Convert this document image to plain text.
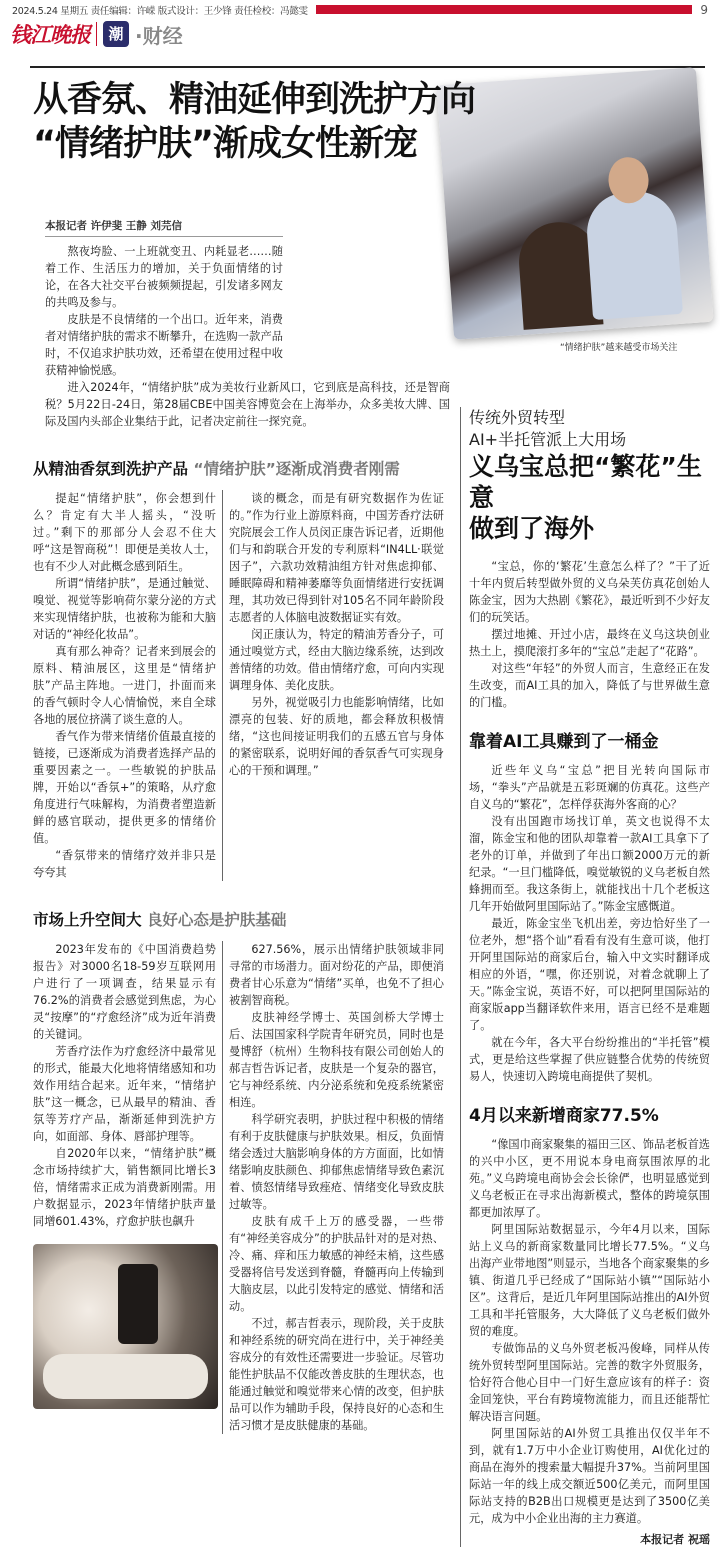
2024.5.24 星期五 责任编辑：许嵘 版式设计：王少锋 责任检校：冯懿雯	9
钱江晚报	潮 ·财经
“情绪护肤”越来越受市场关注
从香氛、精油延伸到洗护方向
“情绪护肤”渐成女性新宠
本报记者 许伊斐 王静 刘芫信

熬夜垮脸、一上班就变丑、内耗显老……随着工作、生活压力的增加，关于负面情绪的讨论，在各大社交平台被频频提起，引发诸多网友的共鸣及参与。

皮肤是不良情绪的一个出口。近年来，消费者对情绪护肤的需求不断攀升，在选购一款产品时，不仅追求护肤功效，还希望在使用过程中收获精神愉悦感。

进入2024年，“情绪护肤”成为美妆行业新风口，它到底是高科技，还是智商税？5月22日-24日，第28届CBE中国美容博览会在上海举办，众多美妆大牌、国际及国内头部企业集结于此，记者决定前往一探究竟。

从精油香氛到洗护产品 “情绪护肤”逐渐成消费者刚需

提起“情绪护肤”，你会想到什么？肯定有大半人摇头，“没听过。”剩下的那部分人会忍不住大呼“这是智商税”！即便是美妆人士，也有不少人对此概念感到陌生。

所谓“情绪护肤”，是通过触觉、嗅觉、视觉等影响荷尔蒙分泌的方式来实现情绪护肤，也被称为能和大脑对话的“神经化妆品”。

真有那么神奇？记者来到展会的原料、精油展区，这里是“情绪护肤”产品主阵地。一进门，扑面而来的香气顿时令人心情愉悦，来自全球各地的展位挤满了谈生意的人。

香气作为带来情绪价值最直接的链接，已逐渐成为消费者选择产品的重要因素之一。一些敏锐的护肤品牌，开始以“香氛+”的策略，从疗愈角度进行气味解构，为消费者塑造新鲜的感官联动，提供更多的情绪价值。

“香氛带来的情绪疗效并非只是夸夸其

谈的概念，而是有研究数据作为佐证的。”作为行业上游原料商，中国芳香疗法研究院展会工作人员闵正康告诉记者，近期他们与和韵联合开发的专利原料“IN4LL·联觉因子”，六款功效精油组方针对焦虑抑郁、睡眠障碍和精神萎靡等负面情绪进行安抚调理，其功效已得到针对105名不同年龄阶段志愿者的人体脑电波数据证实有效。

闵正康认为，特定的精油芳香分子，可通过嗅觉方式，经由大脑边缘系统，达到改善情绪的功效。借由情绪疗愈，可向内实现调理身体、美化皮肤。

另外，视觉吸引力也能影响情绪，比如漂亮的包装、好的质地，都会释放积极情绪，“这也间接证明我们的五感五官与身体的紧密联系，说明好闻的香氛香气可实现身心的干预和调理。”

市场上升空间大 良好心态是护肤基础

2023年发布的《中国消费趋势报告》对3000名18-59岁互联网用户进行了一项调查，结果显示有76.2%的消费者会感觉到焦虑，为心灵“按摩”的“疗愈经济”成为近年消费的关键词。

芳香疗法作为疗愈经济中最常见的形式，能最大化地将情绪感知和功效作用结合起来。近年来，“情绪护肤”这一概念，已从最早的精油、香氛等芳疗产品，渐渐延伸到洗护方向，如面部、身体、唇部护理等。

自2020年以来，“情绪护肤”概念市场持续扩大，销售额同比增长3倍，情绪需求正成为消费新刚需。用户数据显示，2023年情绪护肤声量同增601.43%，疗愈护肤也飙升

627.56%，展示出情绪护肤领域非同寻常的市场潜力。面对纷花的产品，即便消费者甘心乐意为“情绪”买单，也免不了担心被割智商税。

皮肤神经学博士、英国剑桥大学博士后、法国国家科学院青年研究员，同时也是曼博舒（杭州）生物科技有限公司创始人的郝吉哲告诉记者，皮肤是一个复杂的器官，它与神经系统、内分泌系统和免疫系统紧密相连。

科学研究表明，护肤过程中积极的情绪有利于皮肤健康与护肤效果。相反，负面情绪会透过大脑影响身体的方方面面，比如情绪影响皮肤颜色、抑郁焦虑情绪导致色素沉着、愤怒情绪导致痤疮、情绪变化导致皮肤过敏等。

皮肤有成千上万的感受器，一些带有“神经美容成分”的护肤品针对的是对热、冷、痛、痒和压力敏感的神经末梢，这些感受器将信号发送到脊髓，脊髓再向上传输到大脑皮层，以此引发特定的感觉、情绪和活动。

不过，郝吉哲表示，现阶段，关于皮肤和神经系统的研究尚在进行中，关于神经美容成分的有效性还需要进一步验证。尽管功能性护肤品不仅能改善皮肤的生理状态，也能通过触觉和嗅觉带来心情的改变，但护肤品可以作为辅助手段，保持良好的心态和生活习惯才是皮肤健康的基础。

传统外贸转型
AI+半托管派上大用场
义乌宝总把“繁花”生意
做到了海外

“宝总，你的‘繁花’生意怎么样了？”干了近十年内贸后转型做外贸的义乌朵芙仿真花创始人陈金宝，因为大热剧《繁花》，最近听到不少好友们的玩笑话。

摆过地摊、开过小店，最终在义乌这块创业热土上，摸爬滚打多年的“宝总”走起了“花路”。

对这些“年轻”的外贸人而言，生意经正在发生改变，而AI工具的加入，降低了与世界做生意的门槛。

靠着AI工具赚到了一桶金

近些年义乌“宝总”把目光转向国际市场，“拳头”产品就是五彩斑斓的仿真花。这些产自义乌的“繁花”，怎样俘获海外客商的心？

没有出国跑市场找订单，英文也说得不太溜，陈金宝和他的团队却靠着一款AI工具拿下了老外的订单，并做到了年出口额2000万元的新纪录。“一旦门槛降低，嗅觉敏锐的义乌老板自然蜂拥而至。我这条街上，就能找出十几个老板这几年开始做阿里国际站了。”陈金宝感慨道。

最近，陈金宝坐飞机出差，旁边恰好坐了一位老外，想“搭个讪”看看有没有生意可谈，他打开阿里国际站的商家后台，输入中文实时翻译成相应的外语，“嘿，你还别说，对着念就聊上了天。”陈金宝说，英语不好，可以把阿里国际站的商家版app当翻译软件来用，语言已经不是难题了。

就在今年，各大平台纷纷推出的“半托管”模式，更是给这些掌握了供应链整合优势的传统贸易人，快速切入跨境电商提供了契机。

4月以来新增商家77.5%

“像国巾商家聚集的福田三区、饰品老板首选的兴中小区，更不用说本身电商氛围浓厚的北苑。”义乌跨境电商协会会长徐俨，也明显感觉到义乌老板正在寻求出海新模式，整体的跨境氛围都更加浓厚了。

阿里国际站数据显示，今年4月以来，国际站上义乌的新商家数量同比增长77.5%。“义乌出海产业带地图”则显示，当地各个商家聚集的乡镇、街道几乎已经成了“国际站小镇”“国际站小区”。这背后，是近几年阿里国际站推出的AI外贸工具和半托管服务，大大降低了义乌老板们做外贸的难度。

专做饰品的义乌外贸老板冯俊峰，同样从传统外贸转型阿里国际站。完善的数字外贸服务，恰好符合他心目中一门好生意应该有的样子：资金回笼快，平台有跨境物流能力，而且还能帮忙解决语言问题。

阿里国际站的AI外贸工具推出仅仅半年不到，就有1.7万中小企业订购使用，AI优化过的商品在海外的搜索量大幅提升37%。当前阿里国际站一年的线上成交额近500亿美元，而阿里国际站支持的B2B出口规模更是达到了3500亿美元，成为中小企业出海的主力赛道。

本报记者 祝瑶
